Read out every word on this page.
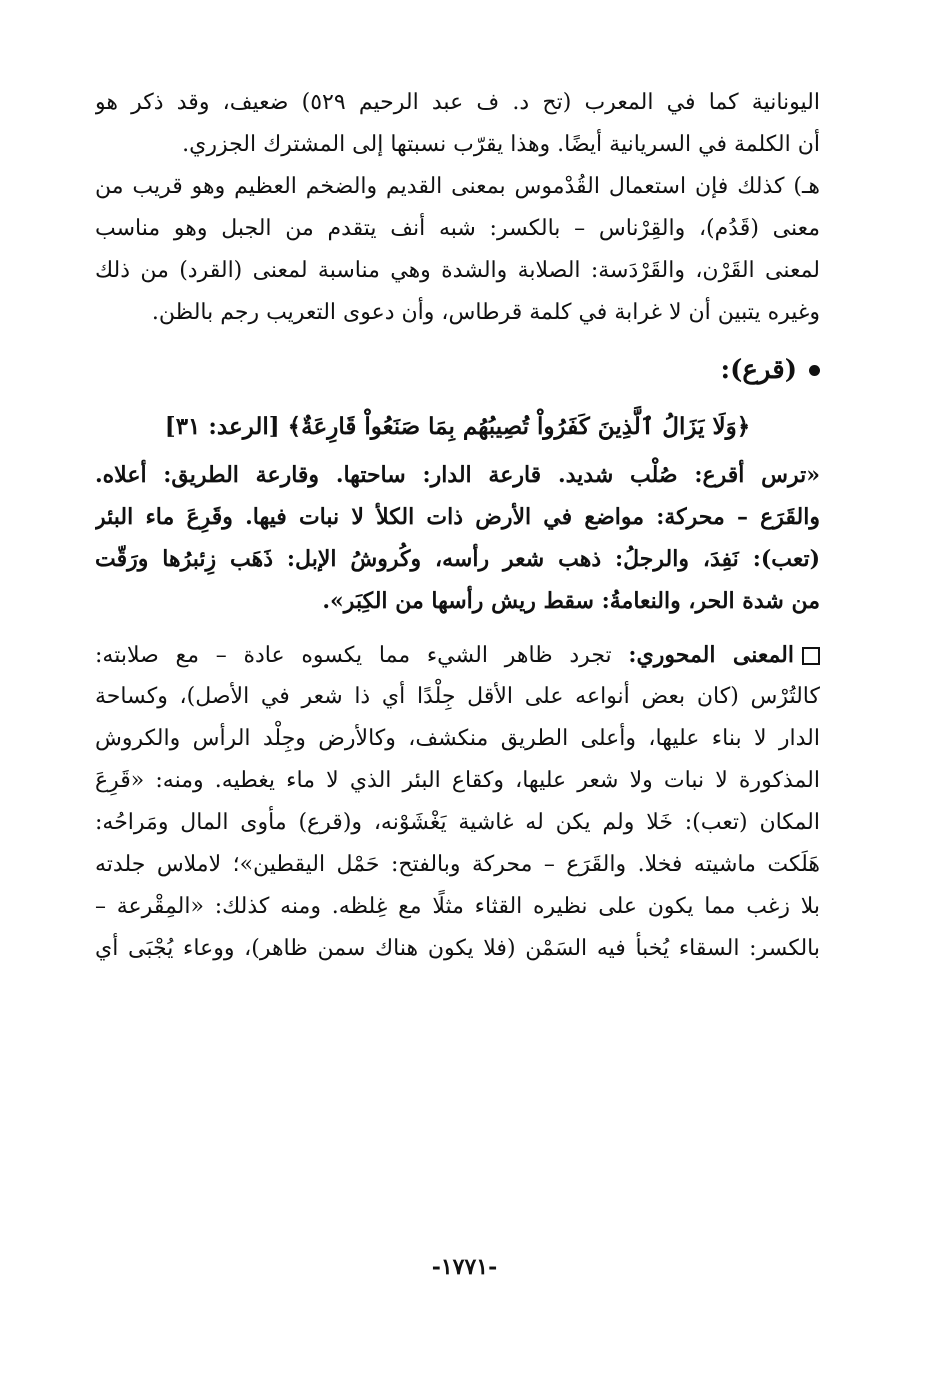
اليونانية كما في المعرب (تح د. ف عبد الرحيم ٥٢٩) ضعيف، وقد ذكر هو
أن الكلمة في السريانية أيضًا. وهذا يقرّب نسبتها إلى المشترك الجزري.
هـ) كذلك فإن استعمال القُدْموس بمعنى القديم والضخم العظيم وهو قريب من
معنى (قَدُم)، والقِرْناس – بالكسر: شبه أنف يتقدم من الجبل وهو مناسب
لمعنى القَرْن، والقَرْدَسة: الصلابة والشدة وهي مناسبة لمعنى (القرد) من ذلك
وغيره يتبين أن لا غرابة في كلمة قرطاس، وأن دعوى التعريب رجم بالظن.
(قرع):
﴿وَلَا يَزَالُ ٱلَّذِينَ كَفَرُواْ تُصِيبُهُم بِمَا صَنَعُواْ قَارِعَةٌ﴾ [الرعد: ٣١]
«ترس أقرع: صُلْب شديد. قارعة الدار: ساحتها. وقارعة الطريق: أعلاه.
والقَرَع – محركة: مواضع في الأرض ذات الكلأ لا نبات فيها. وقَرِعَ ماء البئر
(تعب): نَفِدَ، والرجلُ: ذهب شعر رأسه، وكُروشُ الإبل: ذَهَب زِئبرُها ورَقّت
من شدة الحر، والنعامةُ: سقط ريش رأسها من الكِبَر».
المعنى المحوري: تجرد ظاهر الشيء مما يكسوه عادة – مع صلابته:
كالتُرْس (كان بعض أنواعه على الأقل جِلْدًا أي ذا شعر في الأصل)، وكساحة
الدار لا بناء عليها، وأعلى الطريق منكشف، وكالأرض وجِلْد الرأس والكروش
المذكورة لا نبات ولا شعر عليها، وكقاع البئر الذي لا ماء يغطيه. ومنه: «قَرِعَ
المكان (تعب): خَلا ولم يكن له غاشية يَغْشَوْنه، و(قرع) مأوى المال ومَراحُه:
هَلَكت ماشيته فخلا. والقَرَع – محركة وبالفتح: حَمْل اليقطين»؛ لاملاس جلدته
بلا زغب مما يكون على نظيره القثاء مثلًا مع غِلظه. ومنه كذلك: «المِقْرعة –
بالكسر: السقاء يُخبأ فيه السَمْن (فلا يكون هناك سمن ظاهر)، ووعاء يُجْبَى أي
-١٧٧١-
